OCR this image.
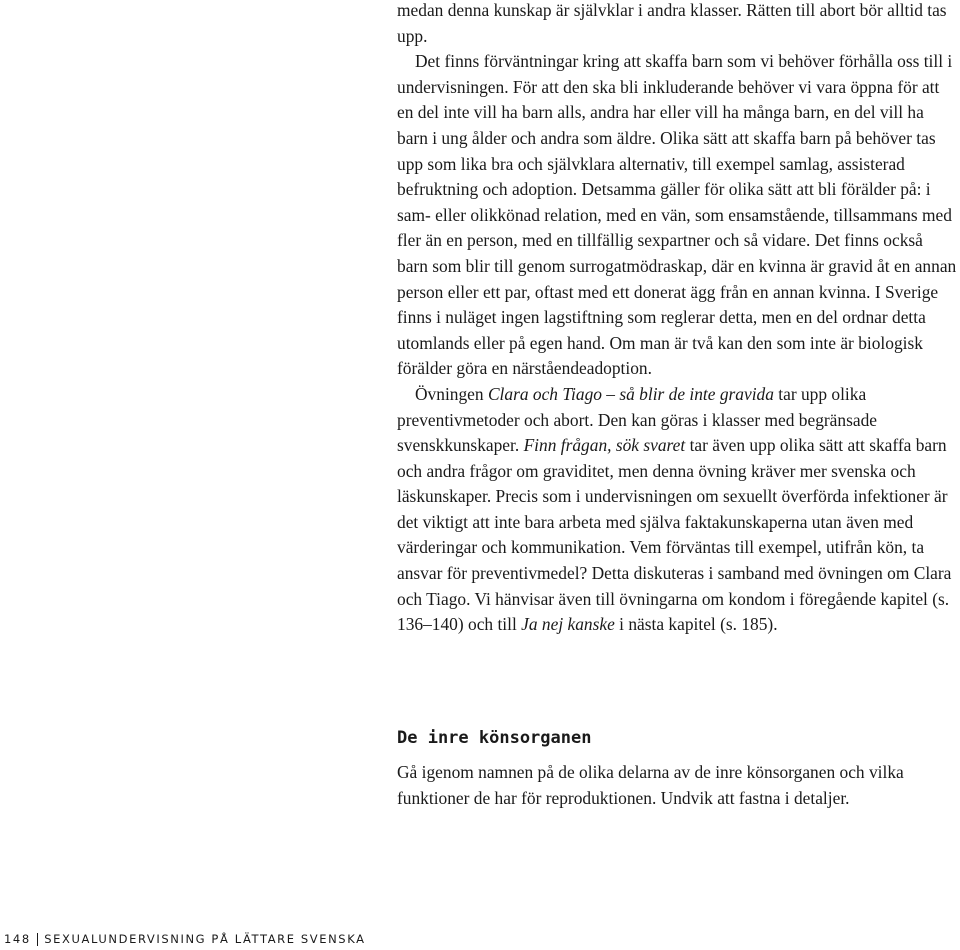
medan denna kunskap är självklar i andra klasser. Rätten till abort bör alltid tas upp.

Det finns förväntningar kring att skaffa barn som vi behöver förhålla oss till i undervisningen. För att den ska bli inkluderande behöver vi vara öppna för att en del inte vill ha barn alls, andra har eller vill ha många barn, en del vill ha barn i ung ålder och andra som äldre. Olika sätt att skaffa barn på behöver tas upp som lika bra och självklara alternativ, till exempel samlag, assisterad befruktning och adoption. Detsamma gäller för olika sätt att bli förälder på: i sam- eller olikkönad relation, med en vän, som ensamstående, tillsammans med fler än en person, med en tillfällig sexpartner och så vidare. Det finns också barn som blir till genom surrogatmödraskap, där en kvinna är gravid åt en annan person eller ett par, oftast med ett donerat ägg från en annan kvinna. I Sverige finns i nuläget ingen lagstiftning som reglerar detta, men en del ordnar detta utomlands eller på egen hand. Om man är två kan den som inte är biologisk förälder göra en närståendeadoption.

Övningen Clara och Tiago – så blir de inte gravida tar upp olika preventivmetoder och abort. Den kan göras i klasser med begränsade svenskkunskaper. Finn frågan, sök svaret tar även upp olika sätt att skaffa barn och andra frågor om graviditet, men denna övning kräver mer svenska och läskunskaper. Precis som i undervisningen om sexuellt överförda infektioner är det viktigt att inte bara arbeta med själva faktakunskaperna utan även med värderingar och kommunikation. Vem förväntas till exempel, utifrån kön, ta ansvar för preventivmedel? Detta diskuteras i samband med övningen om Clara och Tiago. Vi hänvisar även till övningarna om kondom i föregående kapitel (s. 136–140) och till Ja nej kanske i nästa kapitel (s. 185).

De inre könsorganen

Gå igenom namnen på de olika delarna av de inre könsorganen och vilka funktioner de har för reproduktionen. Undvik att fastna i detaljer.

148 SEXUALUNDERVISNING PÅ LÄTTARE SVENSKA
